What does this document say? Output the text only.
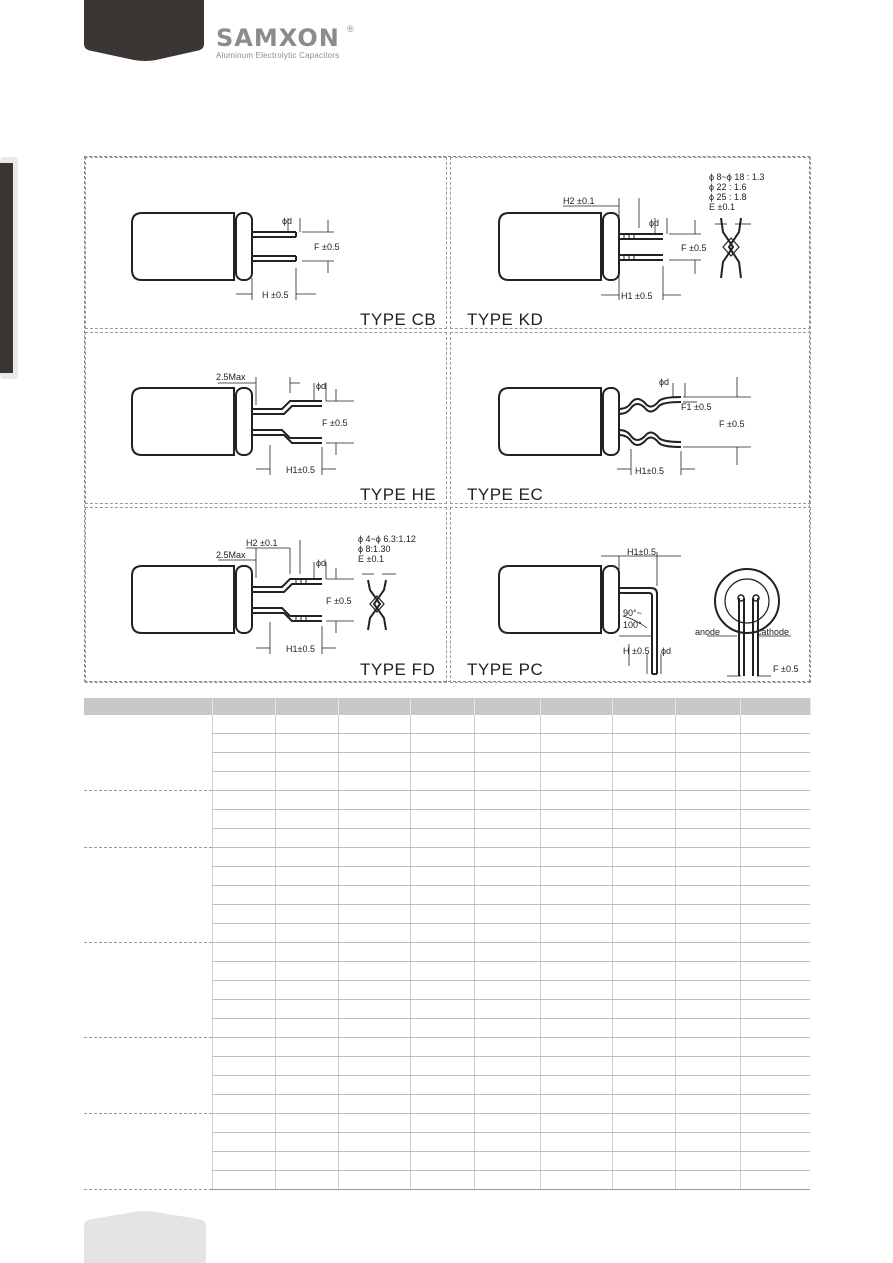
SAMXON ®
Aluminum Electrolytic Capacitors
H ±0.5
ϕd
F ±0.5
TYPE CB
H2 ±0.1
ϕd
F ±0.5
H1 ±0.5
ϕ 8~ϕ 18 : 1.3
ϕ 22 : 1.6
ϕ 25 : 1.8
E ±0.1
TYPE KD
2.5Max
ϕd
F ±0.5
H1±0.5
TYPE HE
ϕd
F1 ±0.5
F ±0.5
H1±0.5
TYPE EC
H2 ±0.1
2.5Max
ϕd
F ±0.5
H1±0.5
ϕ 4~ϕ 6.3:1.12
ϕ 8:1.30
E ±0.1
TYPE FD
H1±0.5
90°~
100°
H ±0.5 ϕd
anode	cathode
F ±0.5
TYPE PC
